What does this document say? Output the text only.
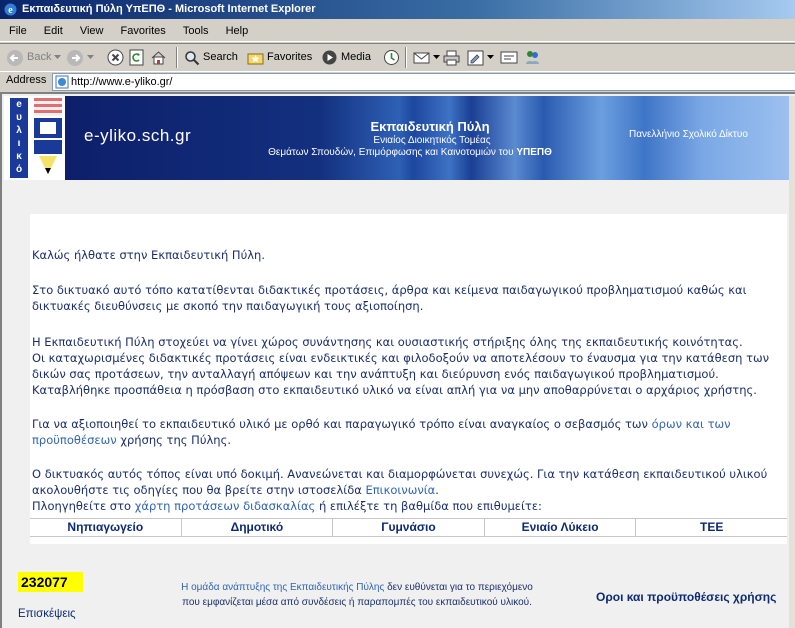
e Εκπαιδευτική Πύλη ΥπΕΠΘ - Microsoft Internet Explorer
File Edit View Favorites Tools Help
Back	Search	Favorites	Media
Address	http://www.e-yliko.gr/
e
υ
λ
ι
κ
ό
e-yliko.sch.gr	Εκπαιδευτική Πύλη
Ενιαίος Διοικητικός Τομέας
Θεμάτων Σπουδών, Επιμόρφωσης και Καινοτομιών του ΥΠΕΠΘ
Πανελλήνιο Σχολικό Δίκτυο

Καλώς ήλθατε στην Εκπαιδευτική Πύλη.

Στο δικτυακό αυτό τόπο κατατίθενται διδακτικές προτάσεις, άρθρα και κείμενα παιδαγωγικού προβληματισμού καθώς και δικτυακές διευθύνσεις με σκοπό την παιδαγωγική τους αξιοποίηση.

Η Εκπαιδευτική Πύλη στοχεύει να γίνει χώρος συνάντησης και ουσιαστικής στήριξης όλης της εκπαιδευτικής κοινότητας.

Οι καταχωρισμένες διδακτικές προτάσεις είναι ενδεικτικές και φιλοδοξούν να αποτελέσουν το έναυσμα για την κατάθεση των δικών σας προτάσεων, την ανταλλαγή απόψεων και την ανάπτυξη και διεύρυνση ενός παιδαγωγικού προβληματισμού.

Καταβλήθηκε προσπάθεια η πρόσβαση στο εκπαιδευτικό υλικό να είναι απλή για να μην αποθαρρύνεται ο αρχάριος χρήστης.

Για να αξιοποιηθεί το εκπαιδευτικό υλικό με ορθό και παραγωγικό τρόπο είναι αναγκαίος ο σεβασμός των όρων και των προϋποθέσεων χρήσης της Πύλης.

Ο δικτυακός αυτός τόπος είναι υπό δοκιμή. Ανανεώνεται και διαμορφώνεται συνεχώς. Για την κατάθεση εκπαιδευτικού υλικού ακολουθήστε τις οδηγίες που θα βρείτε στην ιστοσελίδα Επικοινωνία.

Πλοηγηθείτε στο χάρτη προτάσεων διδασκαλίας ή επιλέξτε τη βαθμίδα που επιθυμείτε:

Νηπιαγωγείο	Δημοτικό	Γυμνάσιο	Ενιαίο Λύκειο	ΤΕΕ
232077
Επισκέψεις
Η ομάδα ανάπτυξης της Εκπαιδευτικής Πύλης δεν ευθύνεται για το περιεχόμενο
που εμφανίζεται μέσα από συνδέσεις ή παραπομπές του εκπαιδευτικού υλικού.	Οροι και προϋποθέσεις χρήσης
